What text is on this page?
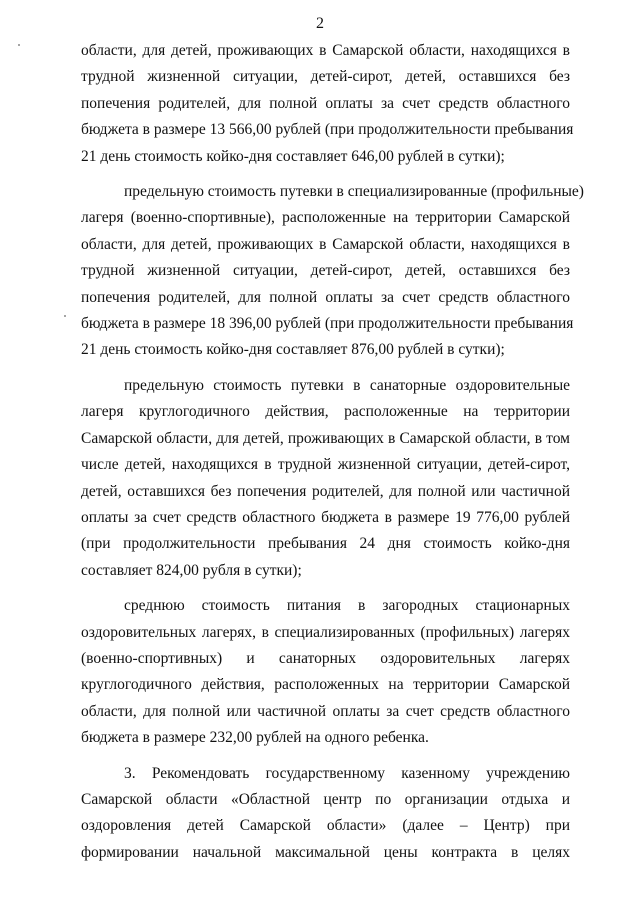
2

области, для детей, проживающих в Самарской области, находящихся в
трудной жизненной ситуации, детей-сирот, детей, оставшихся без
попечения родителей, для полной оплаты за счет средств областного
бюджета в размере 13 566,00 рублей (при продолжительности пребывания
21 день стоимость койко-дня составляет 646,00 рублей в сутки);

предельную стоимость путевки в специализированные (профильные)
лагеря (военно-спортивные), расположенные на территории Самарской
области, для детей, проживающих в Самарской области, находящихся в
трудной жизненной ситуации, детей-сирот, детей, оставшихся без
попечения родителей, для полной оплаты за счет средств областного
бюджета в размере 18 396,00 рублей (при продолжительности пребывания
21 день стоимость койко-дня составляет 876,00 рублей в сутки);

предельную стоимость путевки в санаторные оздоровительные
лагеря круглогодичного действия, расположенные на территории
Самарской области, для детей, проживающих в Самарской области, в том
числе детей, находящихся в трудной жизненной ситуации, детей-сирот,
детей, оставшихся без попечения родителей, для полной или частичной
оплаты за счет средств областного бюджета в размере 19 776,00 рублей
(при продолжительности пребывания 24 дня стоимость койко-дня
составляет 824,00 рубля в сутки);

среднюю стоимость питания в загородных стационарных
оздоровительных лагерях, в специализированных (профильных) лагерях
(военно-спортивных) и санаторных оздоровительных лагерях
круглогодичного действия, расположенных на территории Самарской
области, для полной или частичной оплаты за счет средств областного
бюджета в размере 232,00 рублей на одного ребенка.

3. Рекомендовать государственному казенному учреждению
Самарской области «Областной центр по организации отдыха и
оздоровления детей Самарской области» (далее – Центр) при
формировании начальной максимальной цены контракта в целях
